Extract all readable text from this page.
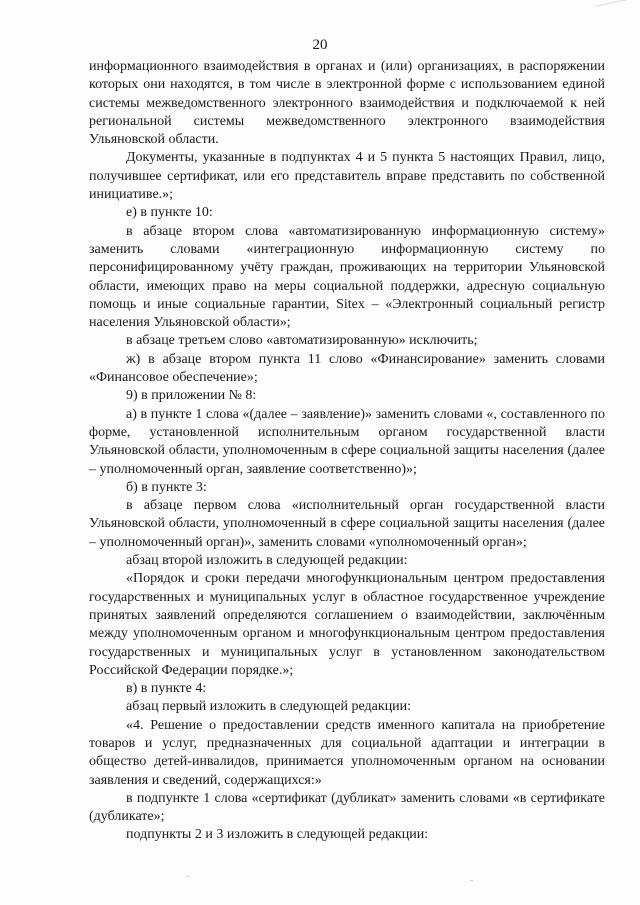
20

информационного взаимодействия в органах и (или) организациях, в распоряжении которых они находятся, в том числе в электронной форме с использованием единой системы межведомственного электронного взаимодействия и подключаемой к ней региональной системы межведомственного электронного взаимодействия Ульяновской области.

Документы, указанные в подпунктах 4 и 5 пункта 5 настоящих Правил, лицо, получившее сертификат, или его представитель вправе представить по собственной инициативе.»;

е) в пункте 10:

в абзаце втором слова «автоматизированную информационную систему» заменить словами «интеграционную информационную систему по персонифицированному учёту граждан, проживающих на территории Ульяновской области, имеющих право на меры социальной поддержки, адресную социальную помощь и иные социальные гарантии, Sitex – «Электронный социальный регистр населения Ульяновской области»;

в абзаце третьем слово «автоматизированную» исключить;

ж) в абзаце втором пункта 11 слово «Финансирование» заменить словами «Финансовое обеспечение»;

9) в приложении № 8:

а) в пункте 1 слова «(далее – заявление)» заменить словами «, составленного по форме, установленной исполнительным органом государственной власти Ульяновской области, уполномоченным в сфере социальной защиты населения (далее – уполномоченный орган, заявление соответственно)»;

б) в пункте 3:

в абзаце первом слова «исполнительный орган государственной власти Ульяновской области, уполномоченный в сфере социальной защиты населения (далее – уполномоченный орган)», заменить словами «уполномоченный орган»;

абзац второй изложить в следующей редакции:

«Порядок и сроки передачи многофункциональным центром предоставления государственных и муниципальных услуг в областное государственное учреждение принятых заявлений определяются соглашением о взаимодействии, заключённым между уполномоченным органом и многофункциональным центром предоставления государственных и муниципальных услуг в установленном законодательством Российской Федерации порядке.»;

в) в пункте 4:

абзац первый изложить в следующей редакции:

«4. Решение о предоставлении средств именного капитала на приобретение товаров и услуг, предназначенных для социальной адаптации и интеграции в общество детей-инвалидов, принимается уполномоченным органом на основании заявления и сведений, содержащихся:»

в подпункте 1 слова «сертификат (дубликат» заменить словами «в сертификате (дубликате»;

подпункты 2 и 3 изложить в следующей редакции:
